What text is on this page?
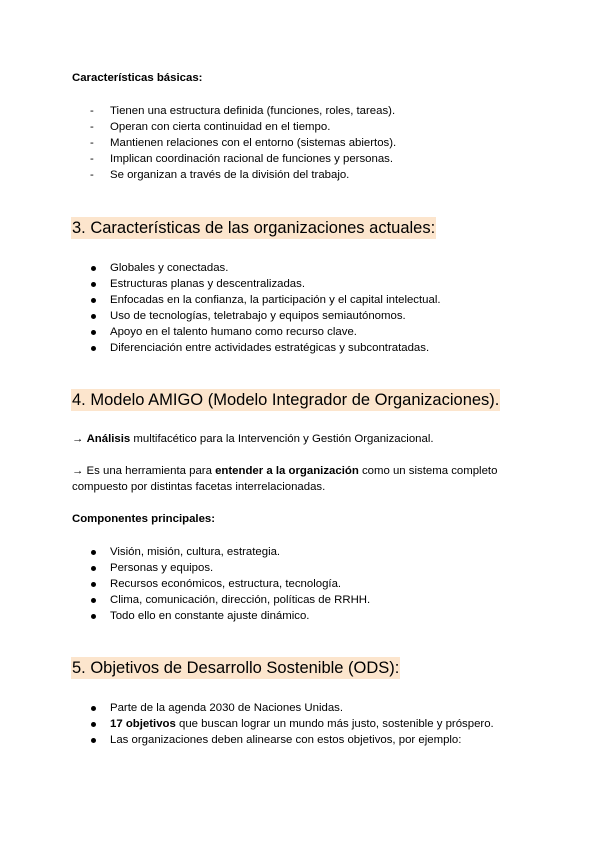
Características básicas:
-	Tienen una estructura definida (funciones, roles, tareas).
-	Operan con cierta continuidad en el tiempo.
-	Mantienen relaciones con el entorno (sistemas abiertos).
-	Implican coordinación racional de funciones y personas.
-	Se organizan a través de la división del trabajo.
3. Características de las organizaciones actuales:
Globales y conectadas.
Estructuras planas y descentralizadas.
Enfocadas en la confianza, la participación y el capital intelectual.
Uso de tecnologías, teletrabajo y equipos semiautónomos.
Apoyo en el talento humano como recurso clave.
Diferenciación entre actividades estratégicas y subcontratadas.
4. Modelo AMIGO (Modelo Integrador de Organizaciones).
→ Análisis multifacético para la Intervención y Gestión Organizacional.
→ Es una herramienta para entender a la organización como un sistema completo
compuesto por distintas facetas interrelacionadas.
Componentes principales:
Visión, misión, cultura, estrategia.
Personas y equipos.
Recursos económicos, estructura, tecnología.
Clima, comunicación, dirección, políticas de RRHH.
Todo ello en constante ajuste dinámico.
5. Objetivos de Desarrollo Sostenible (ODS):
Parte de la agenda 2030 de Naciones Unidas.
17 objetivos que buscan lograr un mundo más justo, sostenible y próspero.
Las organizaciones deben alinearse con estos objetivos, por ejemplo:
